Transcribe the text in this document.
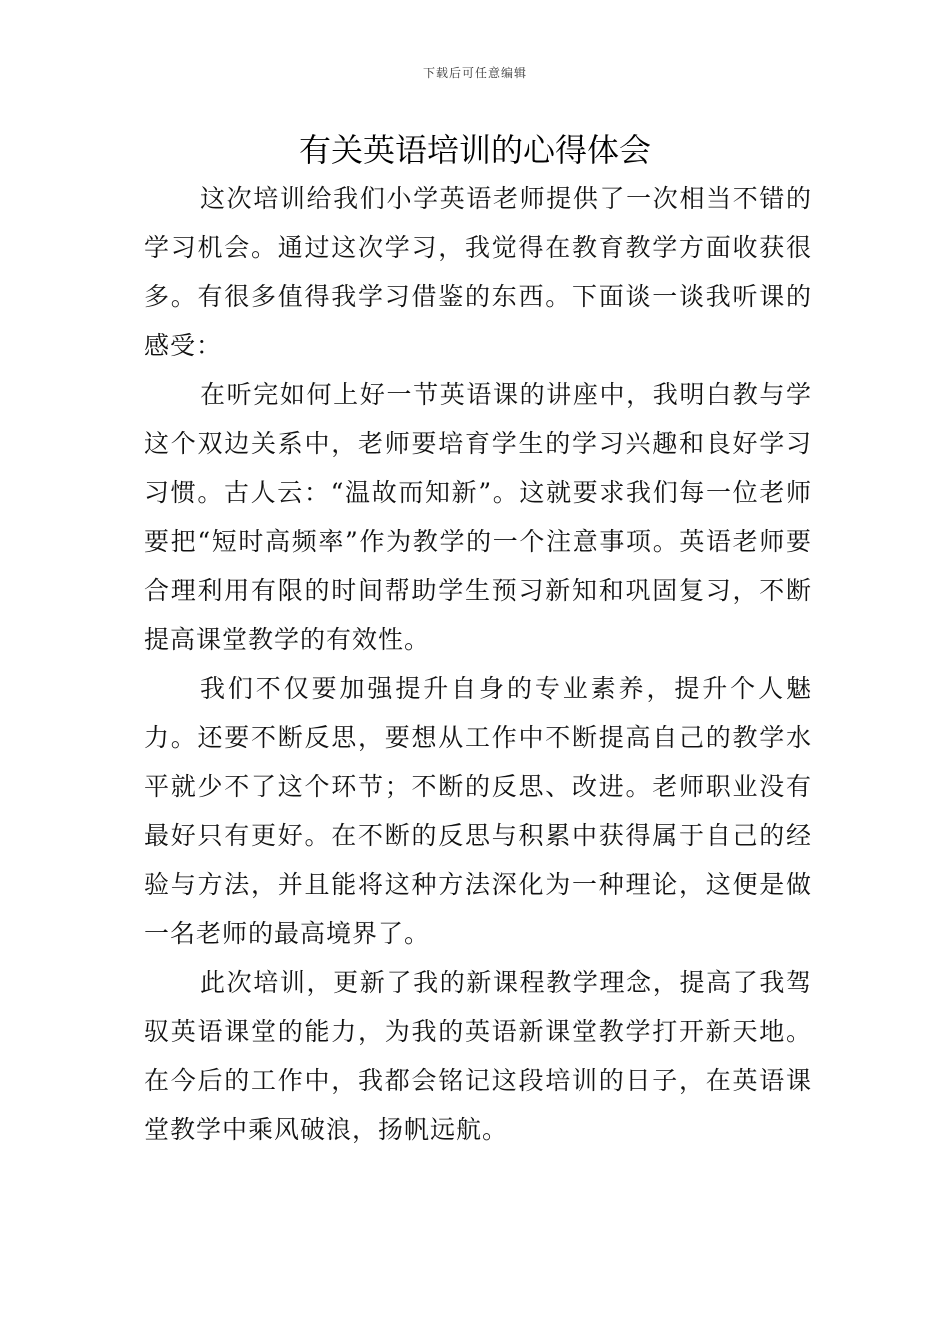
下载后可任意编辑
有关英语培训的心得体会

这次培训给我们小学英语老师提供了一次相当不错的学习机会。通过这次学习，我觉得在教育教学方面收获很多。有很多值得我学习借鉴的东西。下面谈一谈我听课的感受：

在听完如何上好一节英语课的讲座中，我明白教与学这个双边关系中，老师要培育学生的学习兴趣和良好学习习惯。古人云：“温故而知新”。这就要求我们每一位老师要把“短时高频率”作为教学的一个注意事项。英语老师要合理利用有限的时间帮助学生预习新知和巩固复习，不断提高课堂教学的有效性。

我们不仅要加强提升自身的专业素养，提升个人魅力。还要不断反思，要想从工作中不断提高自己的教学水平就少不了这个环节；不断的反思、改进。老师职业没有最好只有更好。在不断的反思与积累中获得属于自己的经验与方法，并且能将这种方法深化为一种理论，这便是做一名老师的最高境界了。

此次培训，更新了我的新课程教学理念，提高了我驾驭英语课堂的能力，为我的英语新课堂教学打开新天地。在今后的工作中，我都会铭记这段培训的日子，在英语课堂教学中乘风破浪，扬帆远航。
